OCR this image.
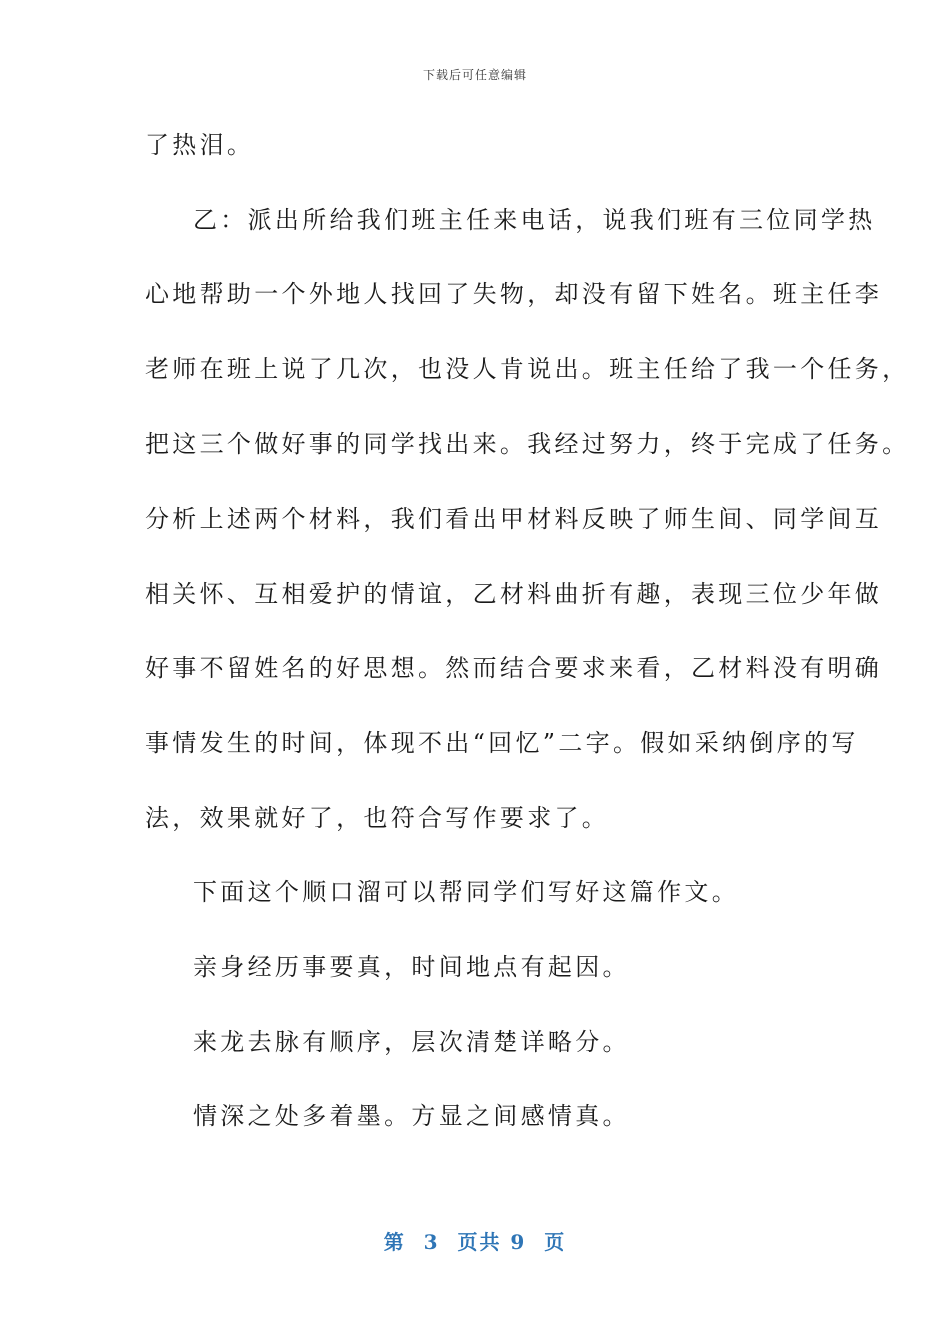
下载后可任意编辑
了热泪。
乙：派出所给我们班主任来电话，说我们班有三位同学热
心地帮助一个外地人找回了失物，却没有留下姓名。班主任李
老师在班上说了几次，也没人肯说出。班主任给了我一个任务，
把这三个做好事的同学找出来。我经过努力，终于完成了任务。
分析上述两个材料，我们看出甲材料反映了师生间、同学间互
相关怀、互相爱护的情谊，乙材料曲折有趣，表现三位少年做
好事不留姓名的好思想。然而结合要求来看，乙材料没有明确
事情发生的时间，体现不出“回忆”二字。假如采纳倒序的写
法，效果就好了，也符合写作要求了。
下面这个顺口溜可以帮同学们写好这篇作文。
亲身经历事要真，时间地点有起因。
来龙去脉有顺序，层次清楚详略分。
情深之处多着墨。方显之间感情真。
第  3  页共 9  页
